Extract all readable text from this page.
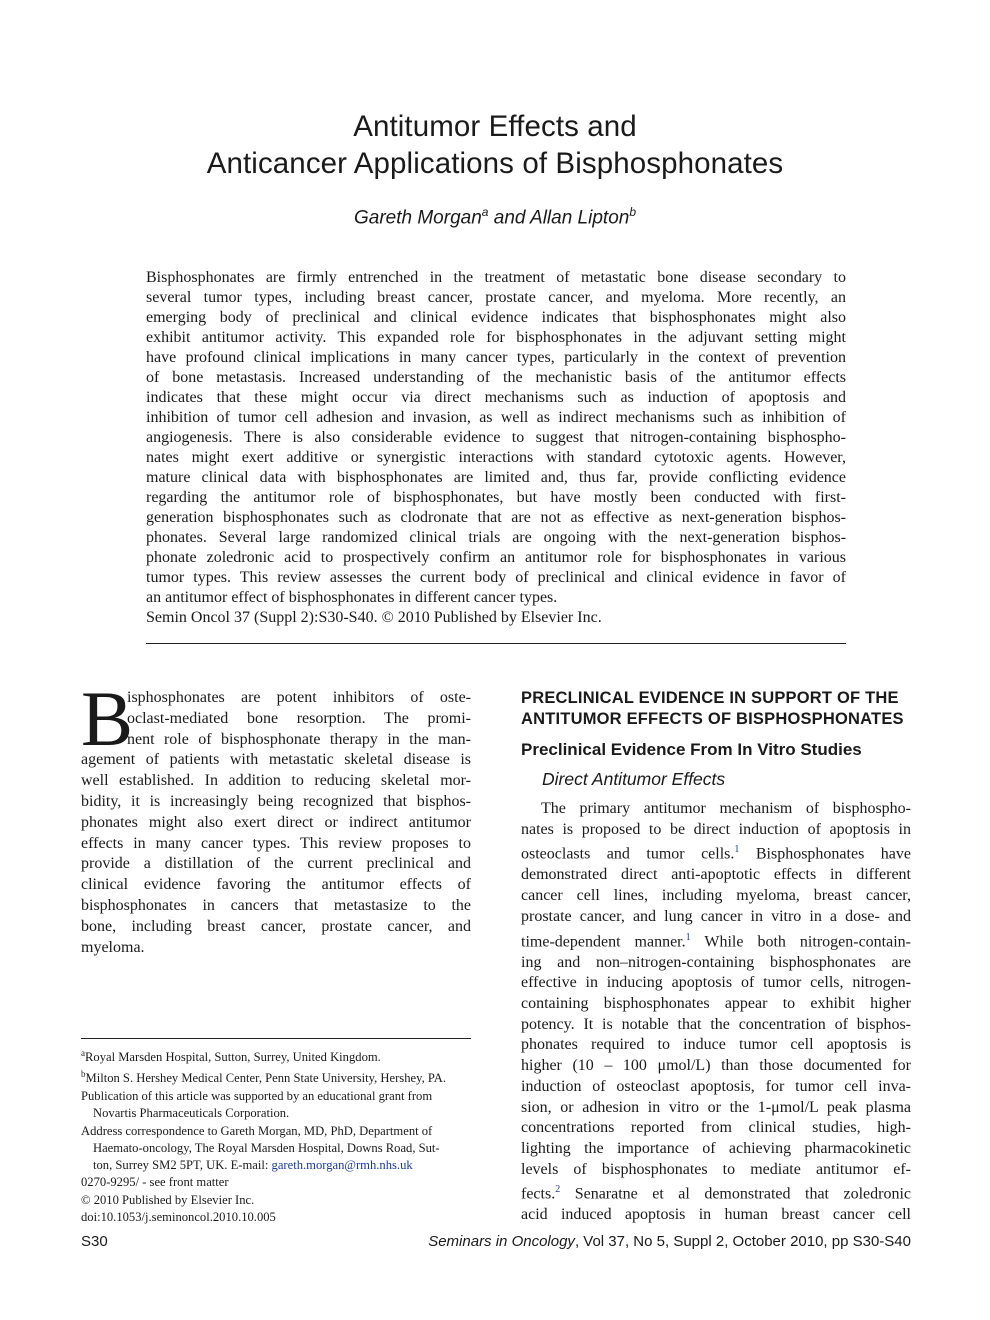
Antitumor Effects and
Anticancer Applications of Bisphosphonates
Gareth Morgan$^a$ and Allan Lipton$^b$
Bisphosphonates are firmly entrenched in the treatment of metastatic bone disease secondary to
several tumor types, including breast cancer, prostate cancer, and myeloma. More recently, an
emerging body of preclinical and clinical evidence indicates that bisphosphonates might also
exhibit antitumor activity. This expanded role for bisphosphonates in the adjuvant setting might
have profound clinical implications in many cancer types, particularly in the context of prevention
of bone metastasis. Increased understanding of the mechanistic basis of the antitumor effects
indicates that these might occur via direct mechanisms such as induction of apoptosis and
inhibition of tumor cell adhesion and invasion, as well as indirect mechanisms such as inhibition of
angiogenesis. There is also considerable evidence to suggest that nitrogen-containing bisphospho-
nates might exert additive or synergistic interactions with standard cytotoxic agents. However,
mature clinical data with bisphosphonates are limited and, thus far, provide conflicting evidence
regarding the antitumor role of bisphosphonates, but have mostly been conducted with first-
generation bisphosphonates such as clodronate that are not as effective as next-generation bisphos-
phonates. Several large randomized clinical trials are ongoing with the next-generation bisphos-
phonate zoledronic acid to prospectively confirm an antitumor role for bisphosphonates in various
tumor types. This review assesses the current body of preclinical and clinical evidence in favor of
an antitumor effect of bisphosphonates in different cancer types.
Semin Oncol 37 (Suppl 2):S30-S40. © 2010 Published by Elsevier Inc.
B
isphosphonates are potent inhibitors of oste-
oclast-mediated bone resorption. The promi-
nent role of bisphosphonate therapy in the man-
agement of patients with metastatic skeletal disease is
well established. In addition to reducing skeletal mor-
bidity, it is increasingly being recognized that bisphos-
phonates might also exert direct or indirect antitumor
effects in many cancer types. This review proposes to
provide a distillation of the current preclinical and
clinical evidence favoring the antitumor effects of
bisphosphonates in cancers that metastasize to the
bone, including breast cancer, prostate cancer, and
myeloma.
$^a$Royal Marsden Hospital, Sutton, Surrey, United Kingdom.
$^b$Milton S. Hershey Medical Center, Penn State University, Hershey, PA.
Publication of this article was supported by an educational grant from
Novartis Pharmaceuticals Corporation.
Address correspondence to Gareth Morgan, MD, PhD, Department of
Haemato-oncology, The Royal Marsden Hospital, Downs Road, Sut-
ton, Surrey SM2 5PT, UK. E-mail: gareth.morgan@rmh.nhs.uk
0270-9295/ - see front matter
© 2010 Published by Elsevier Inc.
doi:10.1053/j.seminoncol.2010.10.005
PRECLINICAL EVIDENCE IN SUPPORT OF THE
ANTITUMOR EFFECTS OF BISPHOSPHONATES
Preclinical Evidence From In Vitro Studies
Direct Antitumor Effects
The primary antitumor mechanism of bisphospho-
nates is proposed to be direct induction of apoptosis in
osteoclasts and tumor cells.$^1$ Bisphosphonates have
demonstrated direct anti-apoptotic effects in different
cancer cell lines, including myeloma, breast cancer,
prostate cancer, and lung cancer in vitro in a dose- and
time-dependent manner.$^1$ While both nitrogen-contain-
ing and non–nitrogen-containing bisphosphonates are
effective in inducing apoptosis of tumor cells, nitrogen-
containing bisphosphonates appear to exhibit higher
potency. It is notable that the concentration of bisphos-
phonates required to induce tumor cell apoptosis is
higher (10 – 100 μmol/L) than those documented for
induction of osteoclast apoptosis, for tumor cell inva-
sion, or adhesion in vitro or the 1-μmol/L peak plasma
concentrations reported from clinical studies, high-
lighting the importance of achieving pharmacokinetic
levels of bisphosphonates to mediate antitumor ef-
fects.$^2$ Senaratne et al demonstrated that zoledronic
acid induced apoptosis in human breast cancer cell
S30	Seminars in Oncology, Vol 37, No 5, Suppl 2, October 2010, pp S30-S40
